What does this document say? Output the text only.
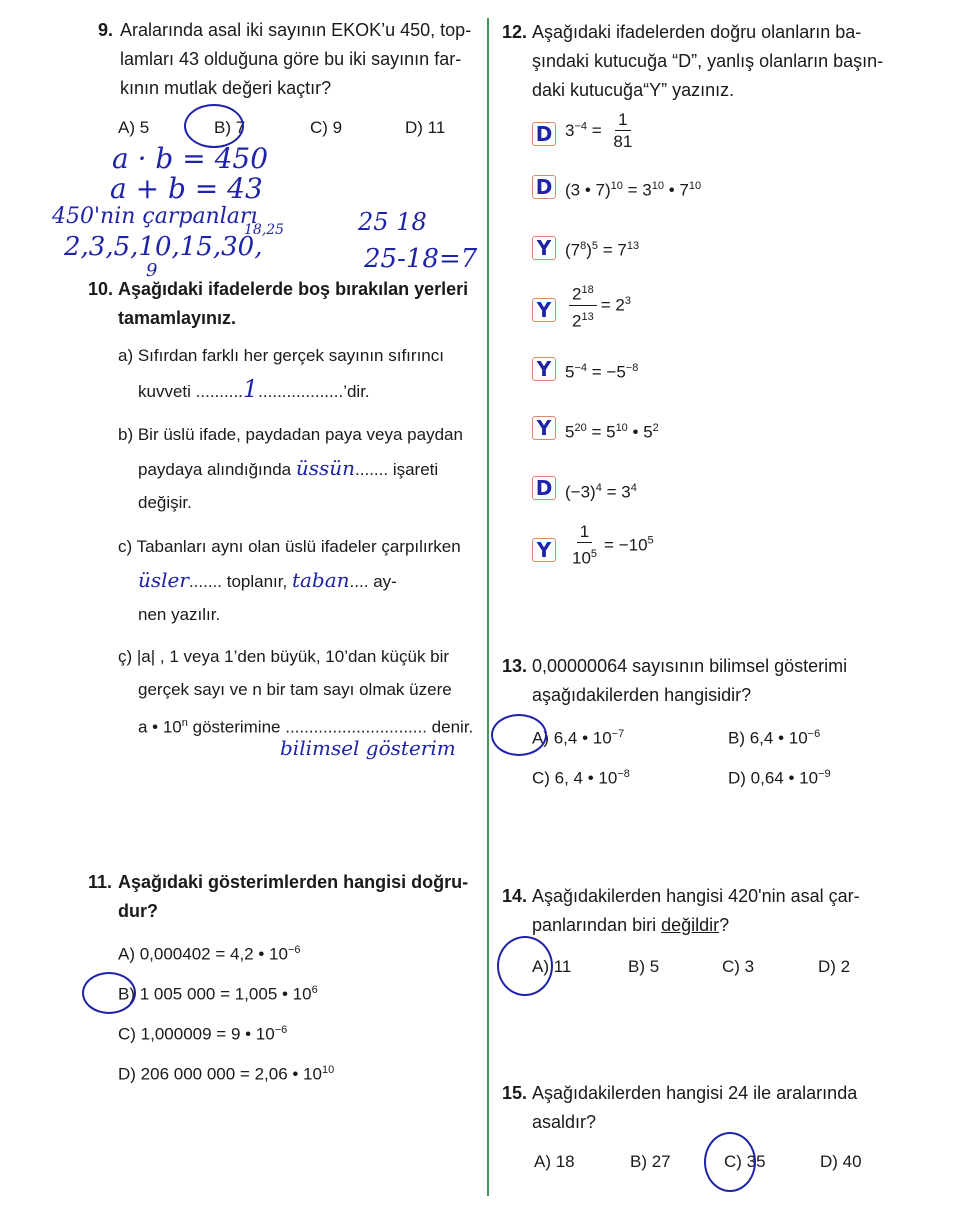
9. Aralarında asal iki sayının EKOK’u 450, top-
lamları 43 olduğuna göre bu iki sayının far-
kının mutlak değeri kaçtır?
A) 5	B) 7	C) 9	D) 11
a · b = 450
a + b = 43
450'nin çarpanları
18,25	25 18
2,3,5,10,15,30,
9	25-18=7
10. Aşağıdaki ifadelerde boş bırakılan yerleri
tamamlayınız.
a) Sıfırdan farklı her gerçek sayının sıfırıncı
kuvveti ..........1..................’dir.
b) Bir üslü ifade, paydadan paya veya paydan
paydaya alındığında üssün....... işareti
değişir.
c) Tabanları aynı olan üslü ifadeler çarpılırken
üsler....... toplanır, taban.... ay-
nen yazılır.
ç) |a| , 1 veya 1’den büyük, 10’dan küçük bir
gerçek sayı ve n bir tam sayı olmak üzere
a • 10$^n$ gösterimine .............................. denir.
bilimsel gösterim
11. Aşağıdaki gösterimlerden hangisi doğru-
dur?
A) 0,000402 = 4,2 • $10^{-6}$
B) 1 005 000 = 1,005 • $10^6$
C) 1,000009 = 9 • $10^{-6}$
D) 206 000 000 = 2,06 • $10^{10}$
12. Aşağıdaki ifadelerden doğru olanların ba-
şındaki kutucuğa “D”, yanlış olanların başın-
daki kutucuğa“Y” yazınız.
D $3^{-4} = \frac{1}{81}$
D (3 • $7)^{10} = 3^{10}$ • $7^{10}$
Y $(7^8)^5 = 7^{13}$
Y $\frac{2^{18}}{2^{13}} = 2^3$
Y $5^{-4} = -5^{-8}$
Y $5^{20} = 5^{10}$ • $5^2$
D $(-3)^4 = 3^4$
Y $\frac{1}{10^5} = -10^5$
13. 0,00000064 sayısının bilimsel gösterimi
aşağıdakilerden hangisidir?
A) 6,4 • $10^{-7}$	B) 6,4 • $10^{-6}$
C) 6, 4 • $10^{-8}$	D) 0,64 • $10^{-9}$
14. Aşağıdakilerden hangisi 420'nin asal çar-
panlarından biri değildir?
A) 11	B) 5	C) 3	D) 2
15. Aşağıdakilerden hangisi 24 ile aralarında
asaldır?
A) 18	B) 27	C) 35	D) 40
